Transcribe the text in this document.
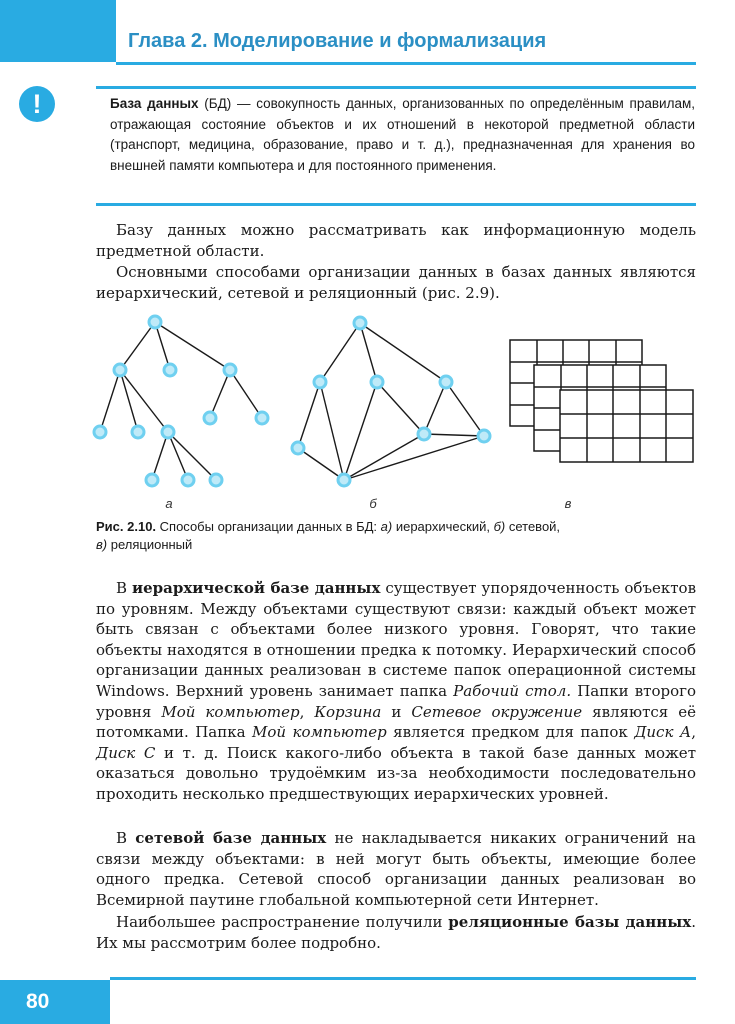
Глава 2. Моделирование и формализация
!	База данных (БД) — совокупность данных, организованных по определённым правилам, отражающая состояние объектов и их отношений в некоторой предметной области (транспорт, медицина, образование, право и т. д.), предназначенная для хранения во внешней памяти компьютера и для постоянного применения.
Базу данных можно рассматривать как информационную модель предметной области.
Основными способами организации данных в базах данных являются иерархический, сетевой и реляционный (рис. 2.9).
а	б	в
Рис. 2.10. Способы организации данных в БД: а) иерархический, б) сетевой,
в) реляционный
В иерархической базе данных существует упорядоченность объектов по уровням. Между объектами существуют связи: каждый объект может быть связан с объектами более низкого уровня. Говорят, что такие объекты находятся в отношении предка к потомку. Иерархический способ организации данных реализован в системе папок операционной системы Windows. Верхний уровень занимает папка Рабочий стол. Папки второго уровня Мой компьютер, Корзина и Сетевое окружение являются её потомками. Папка Мой компьютер является предком для папок Диск А, Диск С и т. д. Поиск какого-либо объекта в такой базе данных может оказаться довольно трудоёмким из-за необходимости последовательно проходить несколько предшествующих иерархических уровней.
В сетевой базе данных не накладывается никаких ограничений на связи между объектами: в ней могут быть объекты, имеющие более одного предка. Сетевой способ организации данных реализован во Всемирной паутине глобальной компьютерной сети Интернет.
Наибольшее распространение получили реляционные базы данных. Их мы рассмотрим более подробно.
80
